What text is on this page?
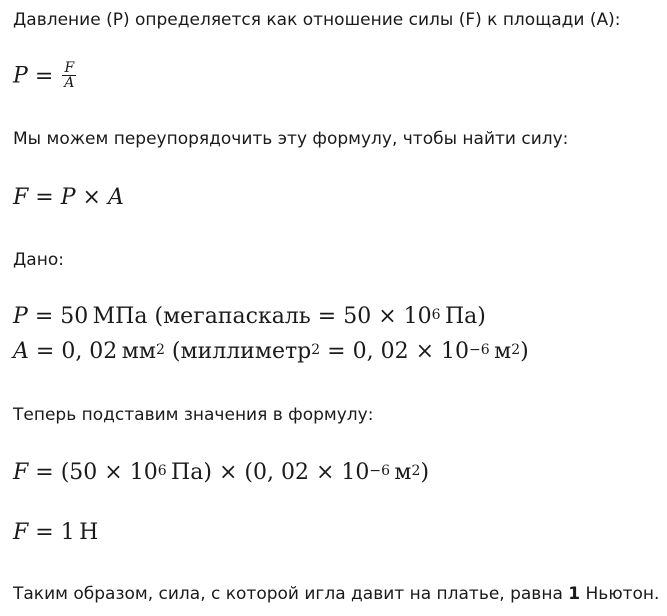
Давление (P) определяется как отношение силы (F) к площади (A):
$P = \frac{F}{A}$
Мы можем переупорядочить эту формулу, чтобы найти силу:
F = P × A
Дано:
P = 50  МПа (мегапаскаль = $50 \times 10^6$  Па)
A = 0, 02  $мм^2$ (миллиметр$^2$ = 0, $02 \times 10^{-6}$  $м^2$)
Теперь подставим значения в формулу:
$F = (50 \times 10^6$  Па) × (0, $02 \times 10^{-6}$  $м^2$)
F = 1  Н
Таким образом, сила, с которой игла давит на платье, равна 1 Ньютон.
